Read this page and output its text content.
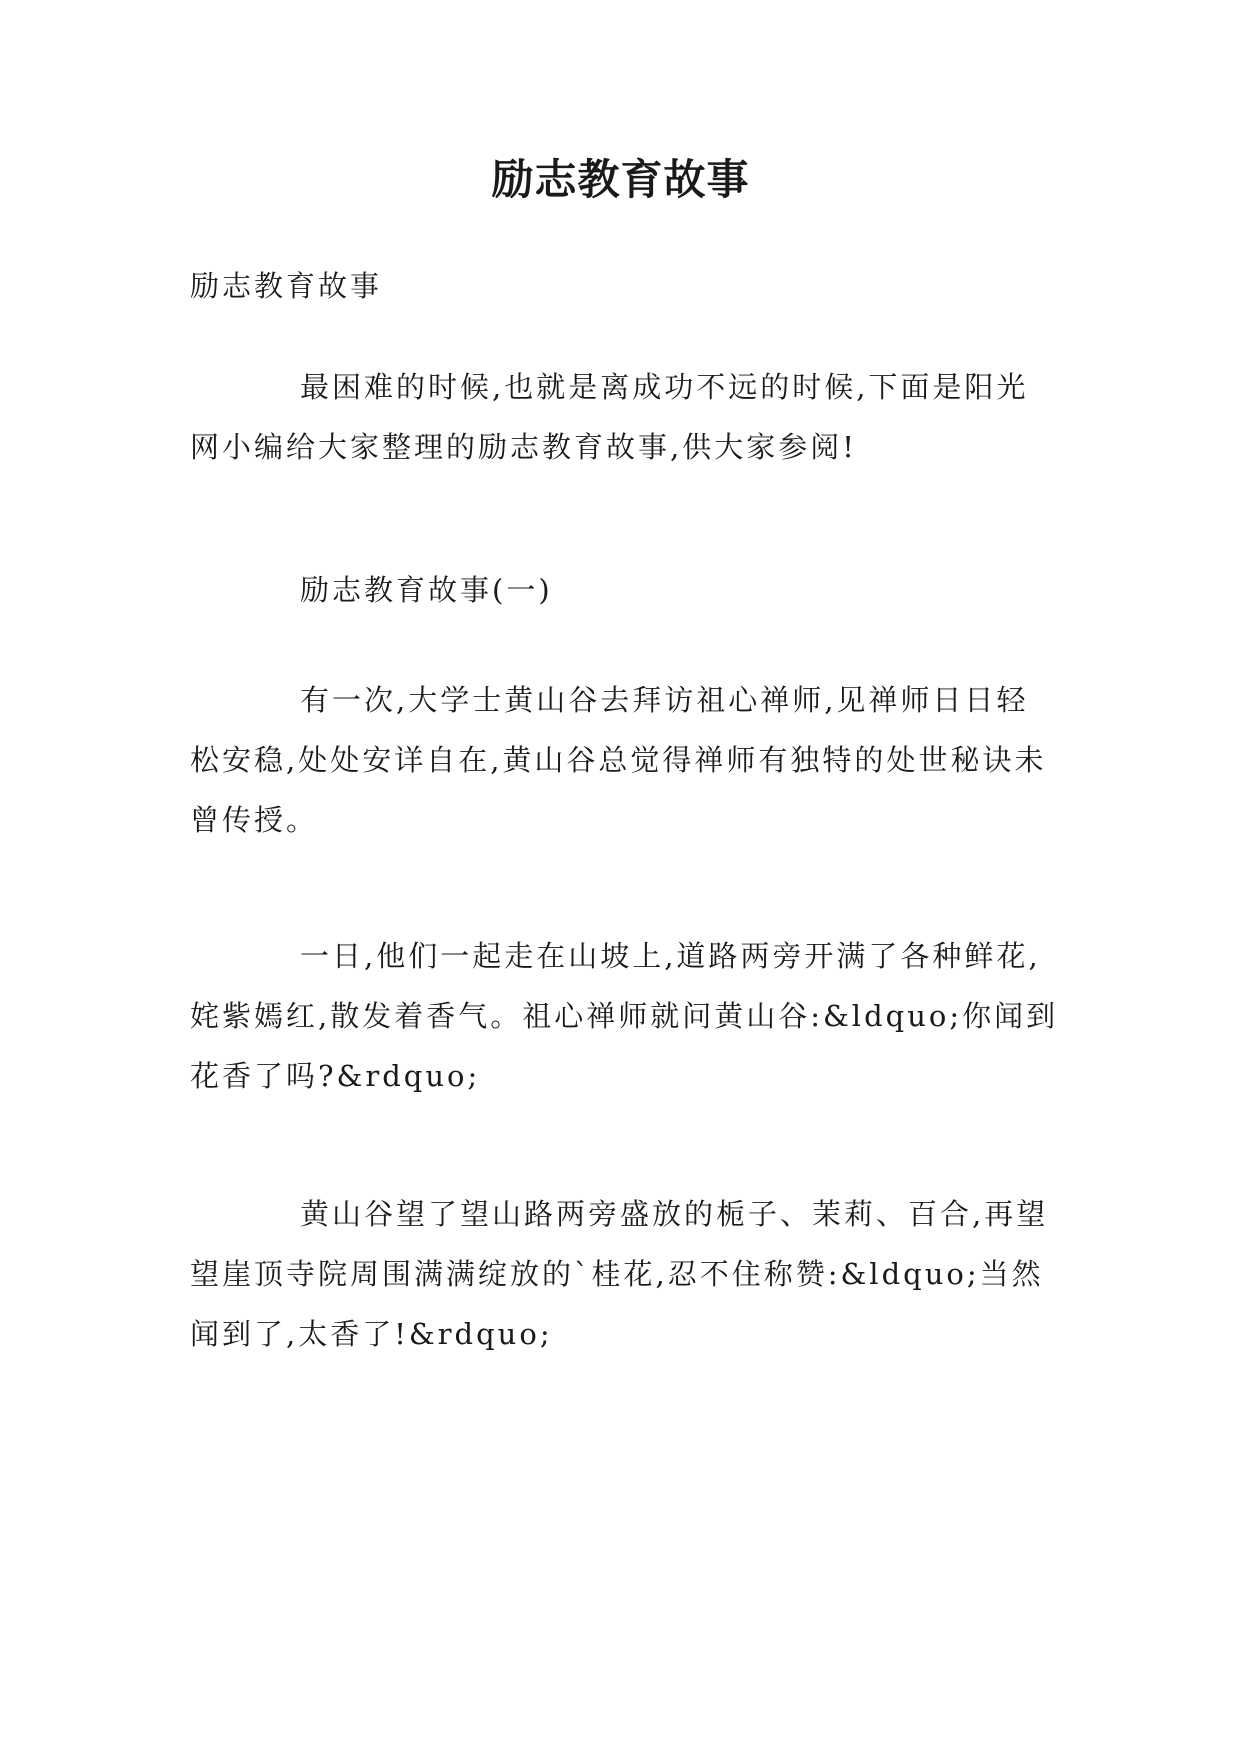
励志教育故事

励志教育故事

最困难的时候,也就是离成功不远的时候,下面是阳光网小编给大家整理的励志教育故事,供大家参阅!

励志教育故事(一)

有一次,大学士黄山谷去拜访祖心禅师,见禅师日日轻松安稳,处处安详自在,黄山谷总觉得禅师有独特的处世秘诀未曾传授。

一日,他们一起走在山坡上,道路两旁开满了各种鲜花,姹紫嫣红,散发着香气。祖心禅师就问黄山谷:&ldquo;你闻到花香了吗?&rdquo;

黄山谷望了望山路两旁盛放的栀子、茉莉、百合,再望望崖顶寺院周围满满绽放的`桂花,忍不住称赞:&ldquo;当然闻到了,太香了!&rdquo;
